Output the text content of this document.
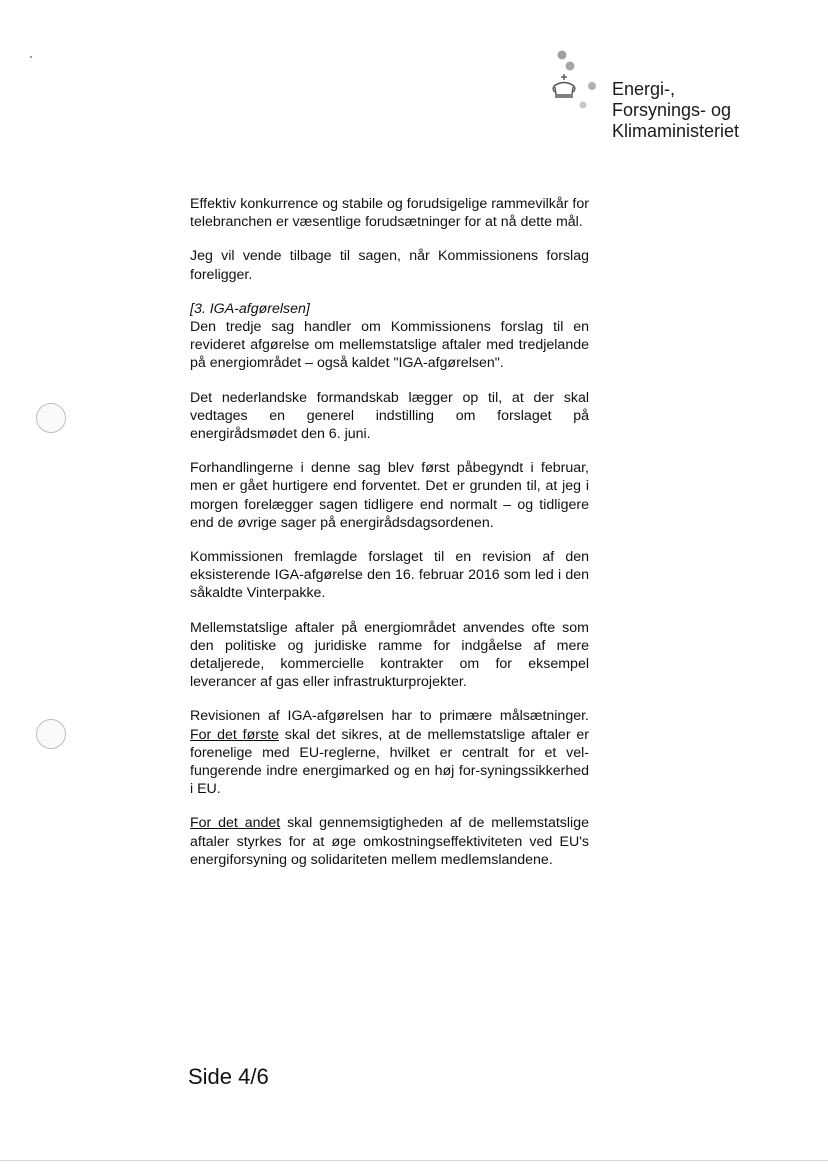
Energi-,
Forsynings- og
Klimaministeriet

Effektiv konkurrence og stabile og forudsigelige rammevilkår for telebranchen er væsentlige forudsætninger for at nå dette mål.

Jeg vil vende tilbage til sagen, når Kommissionens forslag foreligger.

[3. IGA-afgørelsen]
Den tredje sag handler om Kommissionens forslag til en revideret afgørelse om mellemstatslige aftaler med tredjelande på energiområdet – også kaldet "IGA-afgørelsen".

Det nederlandske formandskab lægger op til, at der skal vedtages en generel indstilling om forslaget på energirådsmødet den 6. juni.

Forhandlingerne i denne sag blev først påbegyndt i februar, men er gået hurtigere end forventet. Det er grunden til, at jeg i morgen forelægger sagen tidligere end normalt – og tidligere end de øvrige sager på energirådsdagsordenen.

Kommissionen fremlagde forslaget til en revision af den eksisterende IGA-afgørelse den 16. februar 2016 som led i den såkaldte Vinterpakke.

Mellemstatslige aftaler på energiområdet anvendes ofte som den politiske og juridiske ramme for indgåelse af mere detaljerede, kommercielle kontrakter om for eksempel leverancer af gas eller infrastrukturprojekter.

Revisionen af IGA-afgørelsen har to primære målsætninger. For det første skal det sikres, at de mellemstatslige aftaler er forenelige med EU-reglerne, hvilket er centralt for et vel-fungerende indre energimarked og en høj for-syningssikkerhed i EU.

For det andet skal gennemsigtigheden af de mellemstatslige aftaler styrkes for at øge omkostningseffektiviteten ved EU's energiforsyning og solidariteten mellem medlemslandene.

Side 4/6
